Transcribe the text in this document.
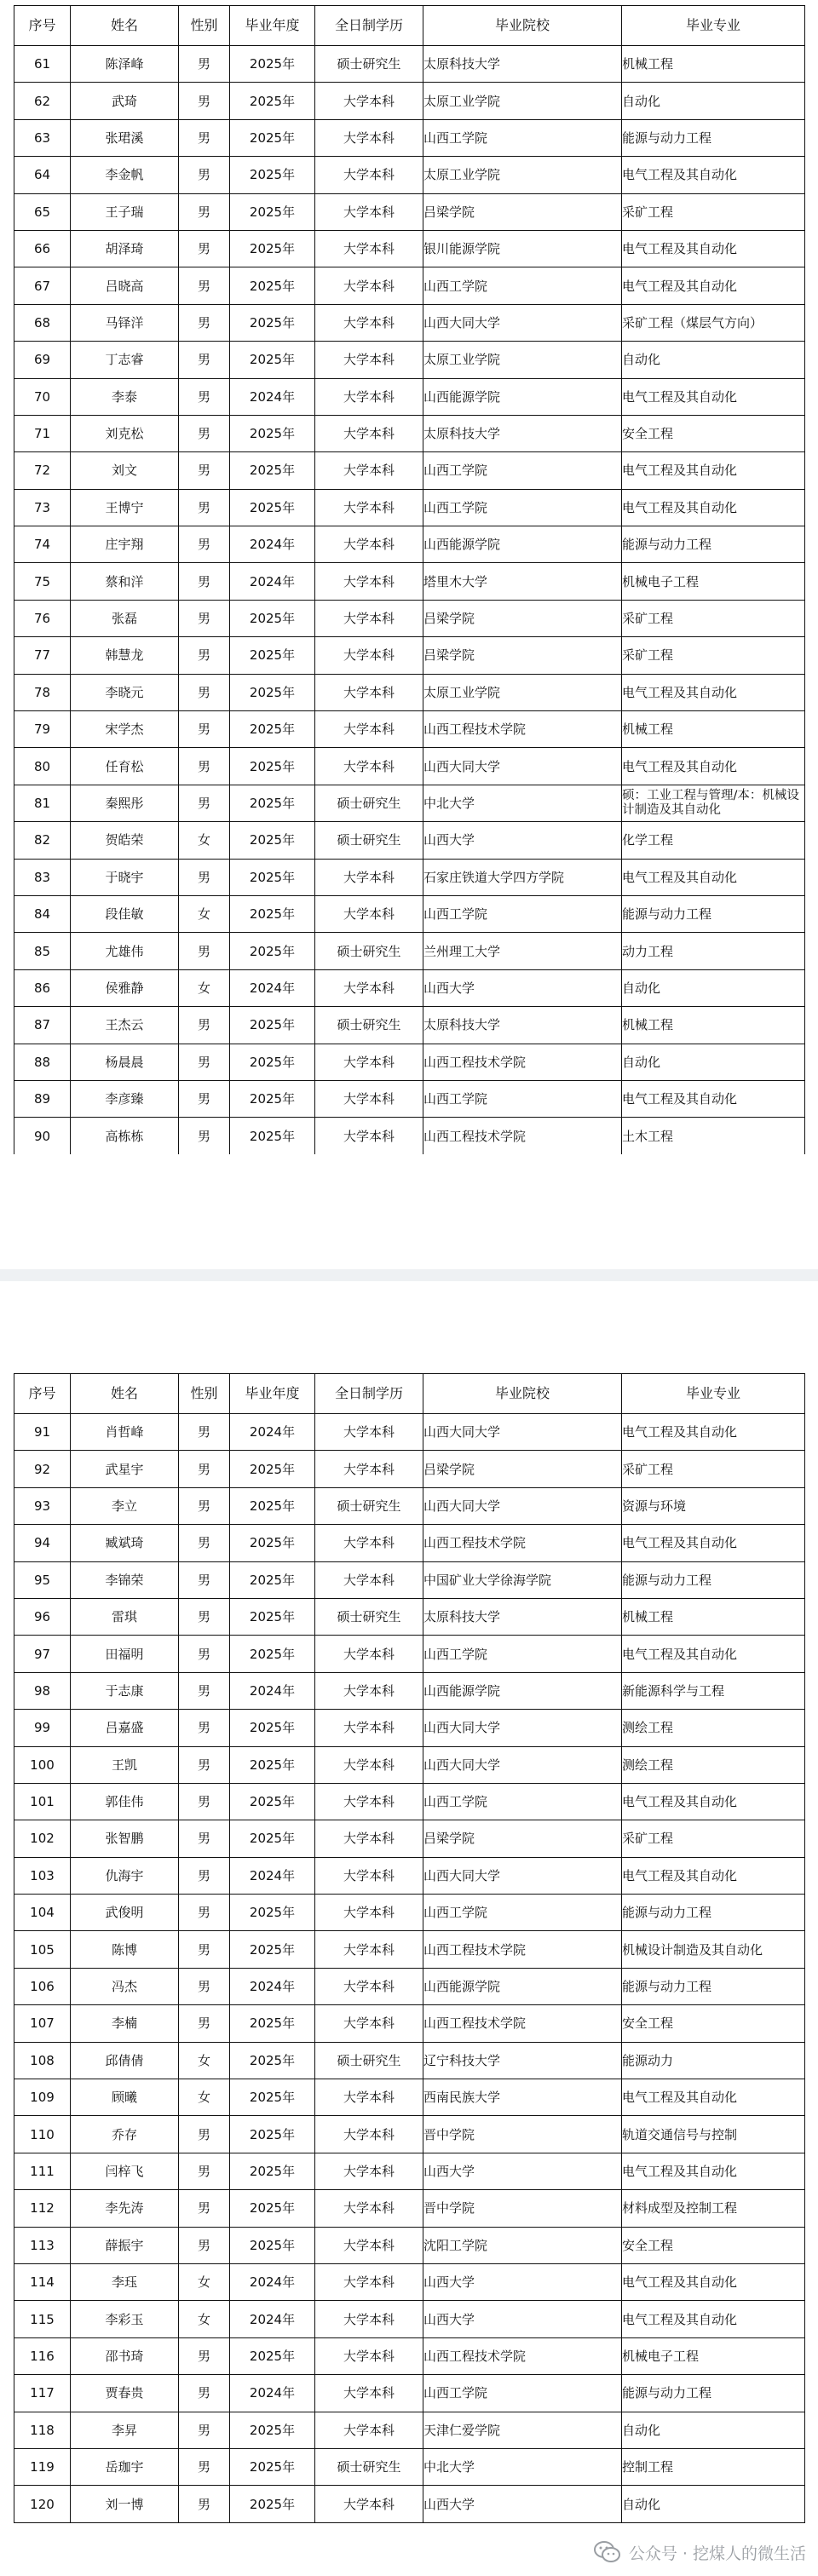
序号	姓名	性别	毕业年度	全日制学历	毕业院校	毕业专业
61	陈泽峰	男	2025年	硕士研究生	太原科技大学	机械工程
62	武琦	男	2025年	大学本科	太原工业学院	自动化
63	张珺溪	男	2025年	大学本科	山西工学院	能源与动力工程
64	李金帆	男	2025年	大学本科	太原工业学院	电气工程及其自动化
65	王子瑞	男	2025年	大学本科	吕梁学院	采矿工程
66	胡泽琦	男	2025年	大学本科	银川能源学院	电气工程及其自动化
67	吕晓高	男	2025年	大学本科	山西工学院	电气工程及其自动化
68	马铎洋	男	2025年	大学本科	山西大同大学	采矿工程（煤层气方向）
69	丁志睿	男	2025年	大学本科	太原工业学院	自动化
70	李泰	男	2024年	大学本科	山西能源学院	电气工程及其自动化
71	刘克松	男	2025年	大学本科	太原科技大学	安全工程
72	刘文	男	2025年	大学本科	山西工学院	电气工程及其自动化
73	王博宁	男	2025年	大学本科	山西工学院	电气工程及其自动化
74	庄宇翔	男	2024年	大学本科	山西能源学院	能源与动力工程
75	蔡和洋	男	2024年	大学本科	塔里木大学	机械电子工程
76	张磊	男	2025年	大学本科	吕梁学院	采矿工程
77	韩慧龙	男	2025年	大学本科	吕梁学院	采矿工程
78	李晓元	男	2025年	大学本科	太原工业学院	电气工程及其自动化
79	宋学杰	男	2025年	大学本科	山西工程技术学院	机械工程
80	任育松	男	2025年	大学本科	山西大同大学	电气工程及其自动化
81	秦熙彤	男	2025年	硕士研究生	中北大学	硕：工业工程与管理/本：机械设计制造及其自动化
82	贺皓荣	女	2025年	硕士研究生	山西大学	化学工程
83	于晓宇	男	2025年	大学本科	石家庄铁道大学四方学院	电气工程及其自动化
84	段佳敏	女	2025年	大学本科	山西工学院	能源与动力工程
85	尤雄伟	男	2025年	硕士研究生	兰州理工大学	动力工程
86	侯雅静	女	2024年	大学本科	山西大学	自动化
87	王杰云	男	2025年	硕士研究生	太原科技大学	机械工程
88	杨晨晨	男	2025年	大学本科	山西工程技术学院	自动化
89	李彦臻	男	2025年	大学本科	山西工学院	电气工程及其自动化
90	高栋栋	男	2025年	大学本科	山西工程技术学院	土木工程
序号	姓名	性别	毕业年度	全日制学历	毕业院校	毕业专业
91	肖哲峰	男	2024年	大学本科	山西大同大学	电气工程及其自动化
92	武星宇	男	2025年	大学本科	吕梁学院	采矿工程
93	李立	男	2025年	硕士研究生	山西大同大学	资源与环境
94	臧斌琦	男	2025年	大学本科	山西工程技术学院	电气工程及其自动化
95	李锦荣	男	2025年	大学本科	中国矿业大学徐海学院	能源与动力工程
96	雷琪	男	2025年	硕士研究生	太原科技大学	机械工程
97	田福明	男	2025年	大学本科	山西工学院	电气工程及其自动化
98	于志康	男	2024年	大学本科	山西能源学院	新能源科学与工程
99	吕嘉盛	男	2025年	大学本科	山西大同大学	测绘工程
100	王凯	男	2025年	大学本科	山西大同大学	测绘工程
101	郭佳伟	男	2025年	大学本科	山西工学院	电气工程及其自动化
102	张智鹏	男	2025年	大学本科	吕梁学院	采矿工程
103	仇海宇	男	2024年	大学本科	山西大同大学	电气工程及其自动化
104	武俊明	男	2025年	大学本科	山西工学院	能源与动力工程
105	陈博	男	2025年	大学本科	山西工程技术学院	机械设计制造及其自动化
106	冯杰	男	2024年	大学本科	山西能源学院	能源与动力工程
107	李楠	男	2025年	大学本科	山西工程技术学院	安全工程
108	邱倩倩	女	2025年	硕士研究生	辽宁科技大学	能源动力
109	顾曦	女	2025年	大学本科	西南民族大学	电气工程及其自动化
110	乔存	男	2025年	大学本科	晋中学院	轨道交通信号与控制
111	闫梓飞	男	2025年	大学本科	山西大学	电气工程及其自动化
112	李先涛	男	2025年	大学本科	晋中学院	材料成型及控制工程
113	薛振宇	男	2025年	大学本科	沈阳工学院	安全工程
114	李珏	女	2024年	大学本科	山西大学	电气工程及其自动化
115	李彩玉	女	2024年	大学本科	山西大学	电气工程及其自动化
116	邵书琦	男	2025年	大学本科	山西工程技术学院	机械电子工程
117	贾春贵	男	2024年	大学本科	山西工学院	能源与动力工程
118	李昇	男	2025年	大学本科	天津仁爱学院	自动化
119	岳珈宇	男	2025年	硕士研究生	中北大学	控制工程
120	刘一博	男	2025年	大学本科	山西大学	自动化
公众号 · 挖煤人的微生活
